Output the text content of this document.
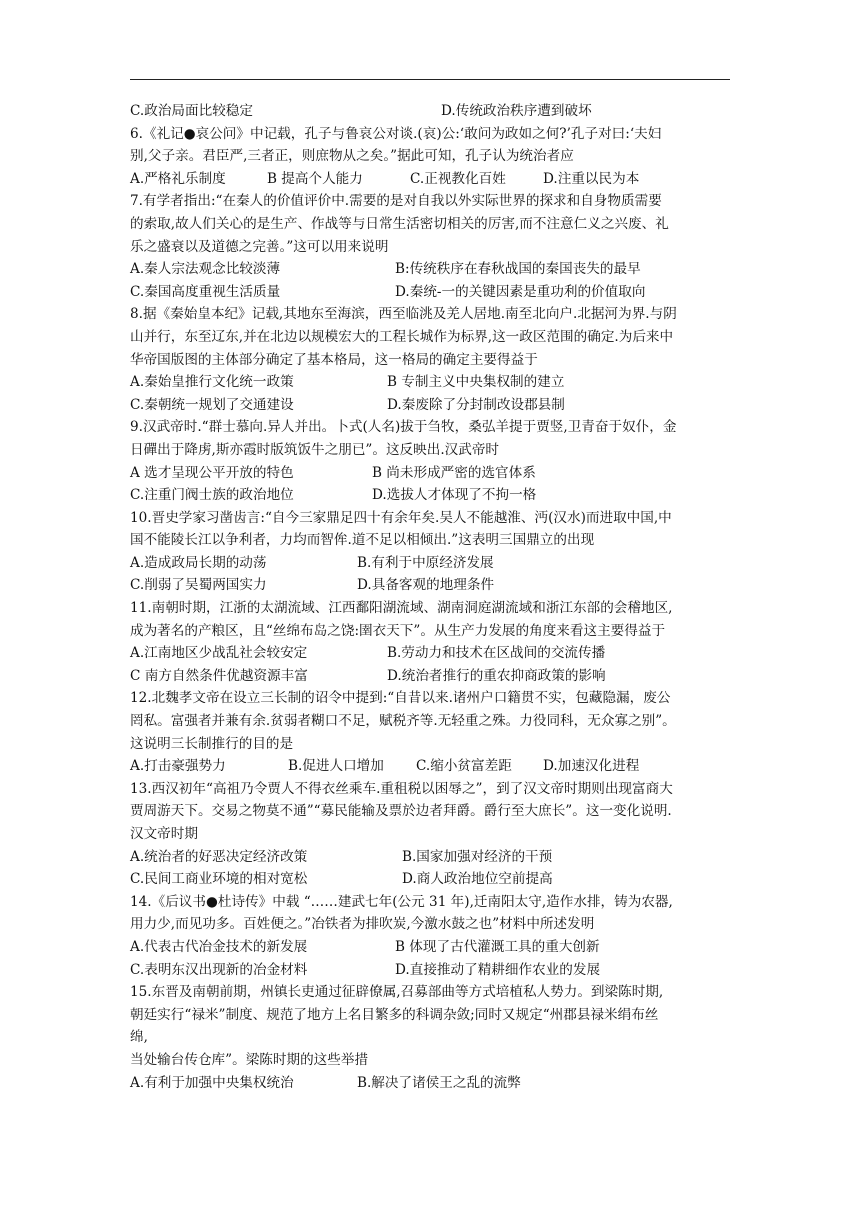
C.政治局面比较稳定	D.传统政治秩序遭到破坏
6.《礼记●哀公问》中记载，孔子与鲁哀公对谈.(哀)公:‘敢问为政如之何?’孔子对曰:‘夫妇
别,父子亲。君臣严,三者正，则庶物从之矣。”据此可知，孔子认为统治者应
A.严格礼乐制度	B 提高个人能力	C.正视教化百姓	D.注重以民为本
7.有学者指出:“在秦人的价值评价中.需要的是对自我以外实际世界的探求和自身物质需要
的索取,故人们关心的是生产、作战等与日常生活密切相关的厉害,而不注意仁义之兴废、礼
乐之盛衰以及道德之完善。”这可以用来说明
A.秦人宗法观念比较淡薄	B:传统秩序在春秋战国的秦国丧失的最早
C.秦国高度重视生活质量	D.秦统-一的关键因素是重功利的价值取向
8.据《秦始皇本纪》记载,其地东至海滨，西至临洮及羌人居地.南至北向户.北据河为界.与阴
山并行，东至辽东,并在北边以规模宏大的工程长城作为标界,这一政区范围的确定.为后来中
华帝国版图的主体部分确定了基本格局，这一格局的确定主要得益于
A.秦始皇推行文化统一政策	B 专制主义中央集权制的建立
C.秦朝统一规划了交通建设	D.秦废除了分封制改设郡县制
9.汉武帝时.“群士慕向.异人并出。卜式(人名)拔于刍牧，桑弘羊提于贾竖,卫青奋于奴仆，金
日磾出于降虏,斯亦霞时版筑饭牛之朋已”。这反映出.汉武帝时
A 选才呈现公平开放的特色	B 尚未形成严密的选官体系
C.注重门阀士族的政治地位	D.选拔人才体现了不拘一格
10.晋史学家习凿齿言:“自今三家鼎足四十有余年矣.吴人不能越淮、沔(汉水)而进取中国,中
国不能陵长江以争利者，力均而智侔.道不足以相倾出.”这表明三国鼎立的出现
A.造成政局长期的动荡	B.有利于中原经济发展
C.削弱了吴蜀两国实力	D.具备客观的地理条件
11.南朝时期，江浙的太湖流域、江西鄱阳湖流域、湖南洞庭湖流域和浙江东部的会稽地区,
成为著名的产粮区，且“丝绵布岛之饶:圉衣天下”。从生产力发展的角度来看这主要得益于
A.江南地区少战乱社会较安定	B.劳动力和技术在区战间的交流传播
C 南方自然条件优越资源丰富	D.统治者推行的重农抑商政策的影响
12.北魏孝文帝在设立三长制的诏令中提到:“自昔以来.诸州户口籍贯不实，包藏隐漏，废公
罔私。富强者并兼有余.贫弱者糊口不足，赋税齐等.无轻重之殊。力役同科，无众寡之别”。
这说明三长制推行的目的是
A.打击豪强势力	B.促进人口增加 C.缩小贫富差距 D.加速汉化进程
13.西汉初年“高祖乃令贾人不得衣丝乘车.重租税以困辱之”，到了汉文帝时期则出现富商大
贾周游天下。交易之物莫不通”“募民能输及票於边者拜爵。爵行至大庶长”。这一变化说明.
汉文帝时期
A.统治者的好恶决定经济改策	B.国家加强对经济的干预
C.民间工商业环境的相对宽松	D.商人政治地位空前提高
14.《后议书●杜诗传》中载 “……建武七年(公元 31 年),迁南阳太守,造作水排，铸为农器,
用力少,而见功多。百姓便之。”冶铁者为排吹炭,今激水鼓之也”材料中所述发明
A.代表古代冶金技术的新发展	B 体现了古代灌溉工具的重大创新
C.表明东汉出现新的冶金材料	D.直接推动了精耕细作农业的发展
15.东晋及南朝前期，州镇长吏通过征辟僚属,召募部曲等方式培植私人势力。到梁陈时期,
朝廷实行“禄米”制度、规范了地方上名目繁多的科调杂敛;同时又规定“州郡县禄米绢布丝
绵,
当处输台传仓库”。梁陈时期的这些举措
A.有利于加强中央集权统治	B.解决了诸侯王之乱的流弊
